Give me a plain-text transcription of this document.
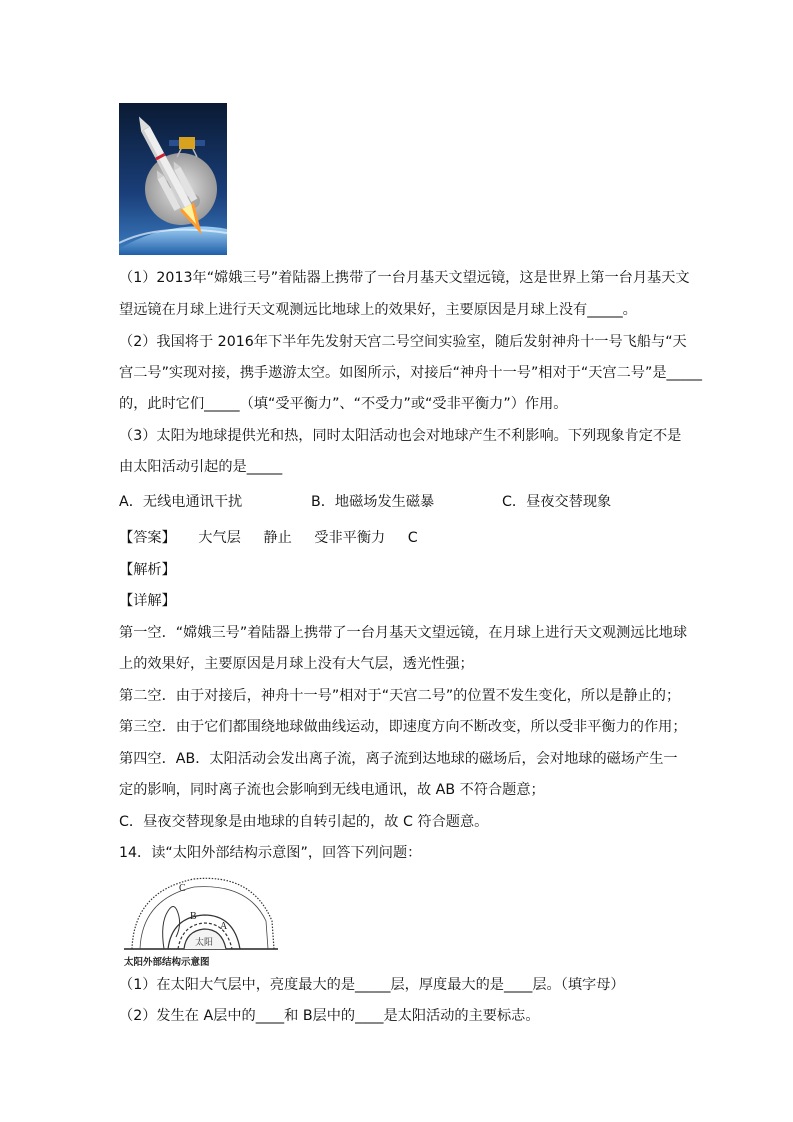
（1）2013年“嫦娥三号”着陆器上携带了一台月基天文望远镜，这是世界上第一台月基天文
望远镜在月球上进行天文观测远比地球上的效果好，主要原因是月球上没有_____。
（2）我国将于 2016年下半年先发射天宫二号空间实验室，随后发射神舟十一号飞船与“天
宫二号”实现对接，携手遨游太空。如图所示，对接后“神舟十一号”相对于“天宫二号”是_____
的，此时它们_____（填“受平衡力”、“不受力”或“受非平衡力”）作用。
（3）太阳为地球提供光和热，同时太阳活动也会对地球产生不利影响。下列现象肯定不是
由太阳活动引起的是_____
A．无线电通讯干扰	B．地磁场发生磁暴	C．昼夜交替现象
【答案】 大气层 静止 受非平衡力 C
【解析】
【详解】
第一空．“嫦娥三号”着陆器上携带了一台月基天文望远镜，在月球上进行天文观测远比地球
上的效果好，主要原因是月球上没有大气层，透光性强；
第二空．由于对接后，神舟十一号”相对于“天宫二号”的位置不发生变化，所以是静止的；
第三空．由于它们都围绕地球做曲线运动，即速度方向不断改变，所以受非平衡力的作用；
第四空．AB．太阳活动会发出离子流，离子流到达地球的磁场后，会对地球的磁场产生一
定的影响，同时离子流也会影响到无线电通讯，故 AB 不符合题意；
C．昼夜交替现象是由地球的自转引起的，故 C 符合题意。
14．读“太阳外部结构示意图”，回答下列问题：
C
B
A
太阳
太阳外部结构示意图
（1）在太阳大气层中，亮度最大的是_____层，厚度最大的是____层。（填字母）
（2）发生在 A层中的____和 B层中的____是太阳活动的主要标志。
